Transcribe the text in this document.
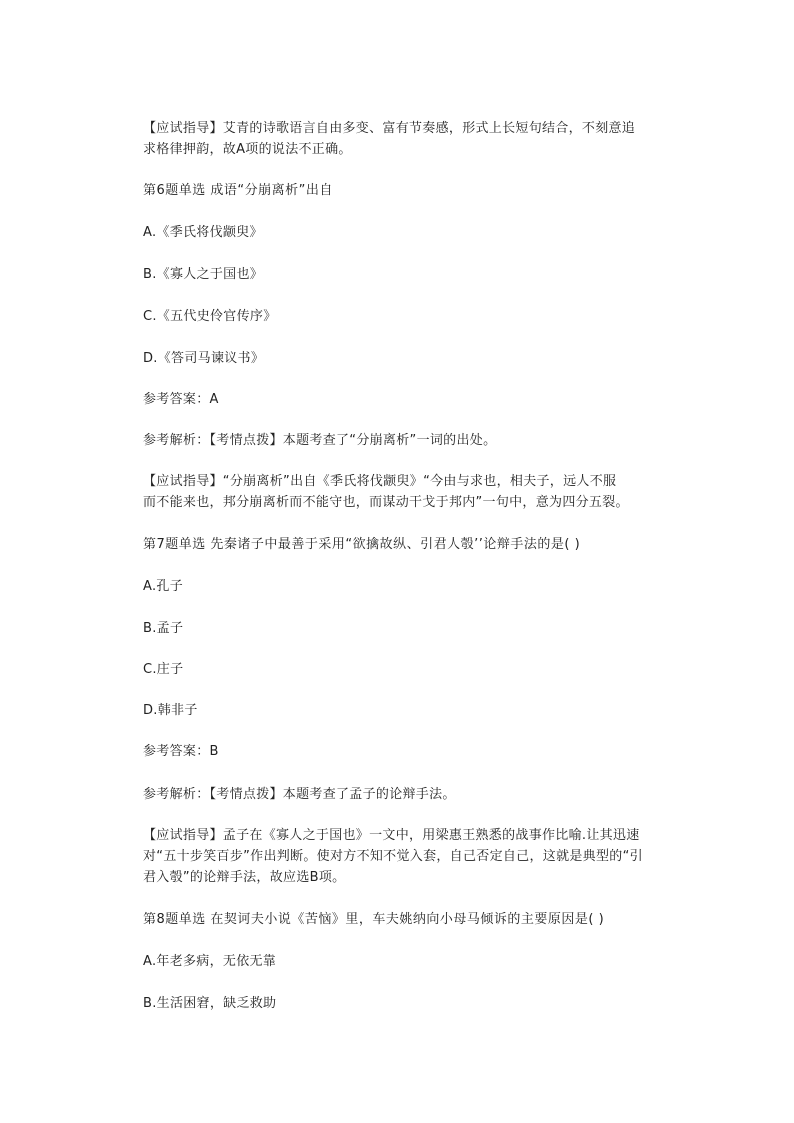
【应试指导】艾青的诗歌语言自由多变、富有节奏感，形式上长短句结合，不刻意追
求格律押韵，故A项的说法不正确。
第6题单选 成语“分崩离析”出自
A.《季氏将伐颛臾》
B.《寡人之于国也》
C.《五代史伶官传序》
D.《答司马谏议书》
参考答案：A
参考解析：【考情点拨】本题考查了“分崩离析”一词的出处。
【应试指导】“分崩离析”出自《季氏将伐颛臾》“今由与求也，相夫子，远人不服
而不能来也，邦分崩离析而不能守也，而谋动干戈于邦内”一句中，意为四分五裂。
第7题单选 先秦诸子中最善于采用“欲擒故纵、引君人彀’’论辩手法的是( )
A.孔子
B.孟子
C.庄子
D.韩非子
参考答案：B
参考解析：【考情点拨】本题考查了孟子的论辩手法。
【应试指导】孟子在《寡人之于国也》一文中，用梁惠王熟悉的战事作比喻.让其迅速
对“五十步笑百步”作出判断。使对方不知不觉入套，自己否定自己，这就是典型的“引
君入彀”的论辩手法，故应选B项。
第8题单选 在契诃夫小说《苦恼》里，车夫姚纳向小母马倾诉的主要原因是( )
A.年老多病，无依无靠
B.生活困窘，缺乏救助
